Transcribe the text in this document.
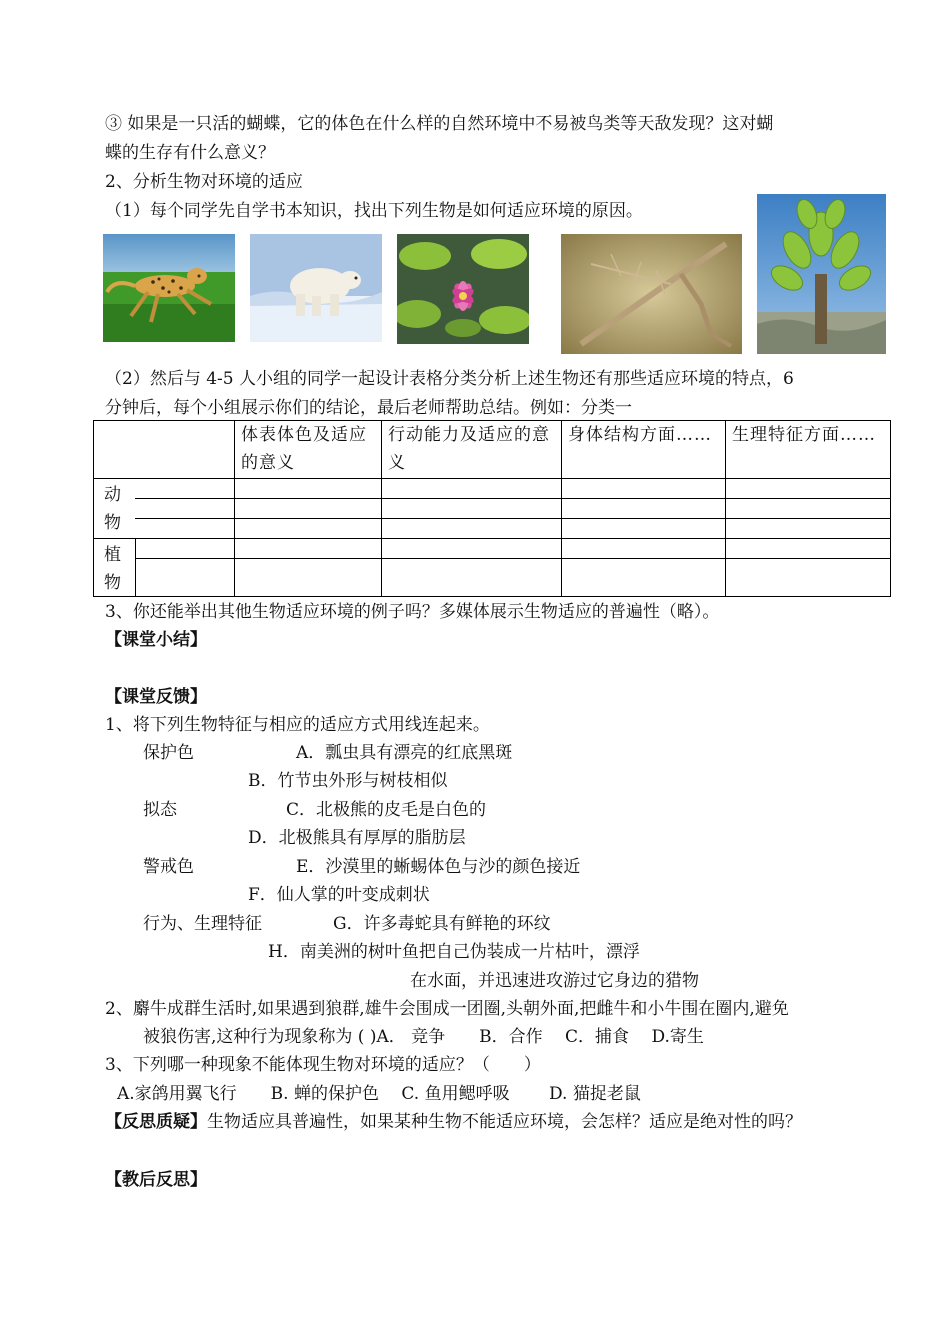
③ 如果是一只活的蝴蝶，它的体色在什么样的自然环境中不易被鸟类等天敌发现？这对蝴
蝶的生存有什么意义？
2、分析生物对环境的适应
（1）每个同学先自学书本知识，找出下列生物是如何适应环境的原因。
（2）然后与 4-5 人小组的同学一起设计表格分类分析上述生物还有那些适应环境的特点，6
分钟后，每个小组展示你们的结论，最后老师帮助总结。例如：分类一
	体表体色及适应的意义	行动能力及适应的意义	身体结构方面……	生理特征方面……

动物				

植物				

3、你还能举出其他生物适应环境的例子吗？多媒体展示生物适应的普遍性（略）。
【课堂小结】
【课堂反馈】
1、将下列生物特征与相应的适应方式用线连起来。
保护色	A．瓢虫具有漂亮的红底黑斑
B．竹节虫外形与树枝相似
拟态	C．北极熊的皮毛是白色的
D．北极熊具有厚厚的脂肪层
警戒色	E．沙漠里的蜥蜴体色与沙的颜色接近
F．仙人掌的叶变成刺状
行为、生理特征	G．许多毒蛇具有鲜艳的环纹
H．南美洲的树叶鱼把自己伪装成一片枯叶，漂浮
在水面，并迅速进攻游过它身边的猎物
2、麝牛成群生活时,如果遇到狼群,雄牛会围成一团圈,头朝外面,把雌牛和小牛围在圈内,避免
被狼伤害,这种行为现象称为 ( )A． 竞争　　B．合作　 C．捕食　 D.寄生
3、下列哪一种现象不能体现生物对环境的适应？（　　）
A.家鸽用翼飞行　　B. 蝉的保护色　 C. 鱼用鳃呼吸　　 D. 猫捉老鼠
【反思质疑】生物适应具普遍性，如果某种生物不能适应环境，会怎样？适应是绝对性的吗？
【教后反思】
